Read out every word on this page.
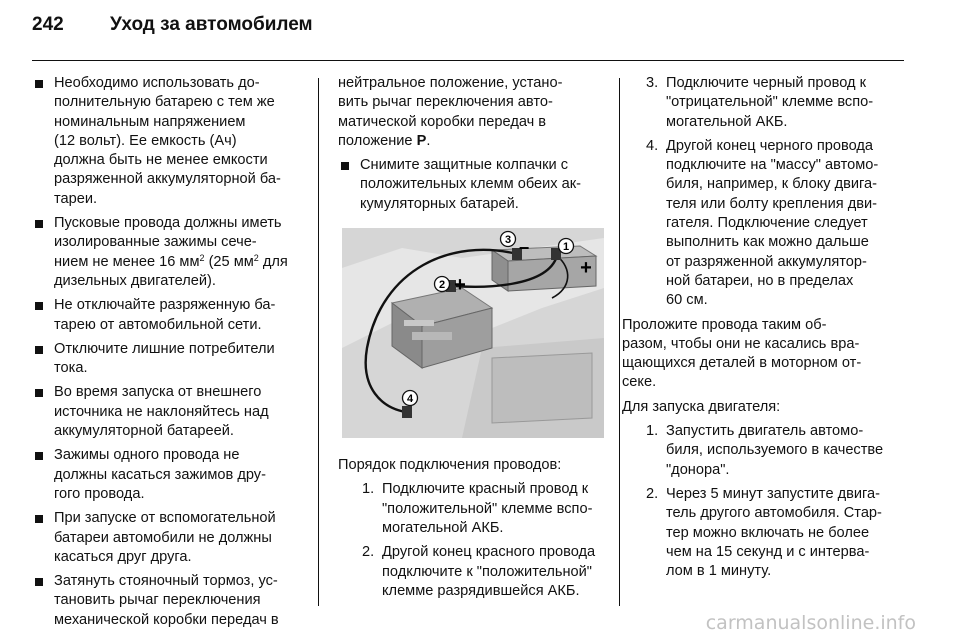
242	Уход за автомобилем
Необходимо использовать до-
полнительную батарею с тем же
номинальным напряжением
(12 вольт). Ее емкость (Ач)
должна быть не менее емкости
разряженной аккумуляторной ба-
тареи.
Пусковые провода должны иметь
изолированные зажимы сече-
нием не менее 16 $мм^2$ (25 $мм^2$ для
дизельных двигателей).
Не отключайте разряженную ба-
тарею от автомобильной сети.
Отключите лишние потребители
тока.
Во время запуска от внешнего
источника не наклоняйтесь над
аккумуляторной батареей.
Зажимы одного провода не
должны касаться зажимов дру-
гого провода.
При запуске от вспомогательной
батареи автомобили не должны
касаться друг друга.
Затянуть стояночный тормоз, ус-
тановить рычаг переключения
механической коробки передач в
нейтральное положение, устано-
вить рычаг переключения авто-
матической коробки передач в
положение P.
Снимите защитные колпачки с
положительных клемм обеих ак-
кумуляторных батарей.
1
+
3 −
2 +
4
Порядок подключения проводов:
1. Подключите красный провод к
"положительной" клемме вспо-
могательной АКБ.
2. Другой конец красного провода
подключите к "положительной"
клемме разрядившейся АКБ.
3. Подключите черный провод к
"отрицательной" клемме вспо-
могательной АКБ.
4. Другой конец черного провода
подключите на "массу" автомо-
биля, например, к блоку двига-
теля или болту крепления дви-
гателя. Подключение следует
выполнить как можно дальше
от разряженной аккумулятор-
ной батареи, но в пределах
60 см.
Проложите провода таким об-
разом, чтобы они не касались вра-
щающихся деталей в моторном от-
секе.
Для запуска двигателя:
1. Запустить двигатель автомо-
биля, используемого в качестве
"донора".
2. Через 5 минут запустите двига-
тель другого автомобиля. Стар-
тер можно включать не более
чем на 15 секунд и с интерва-
лом в 1 минуту.
carmanualsonline.info
